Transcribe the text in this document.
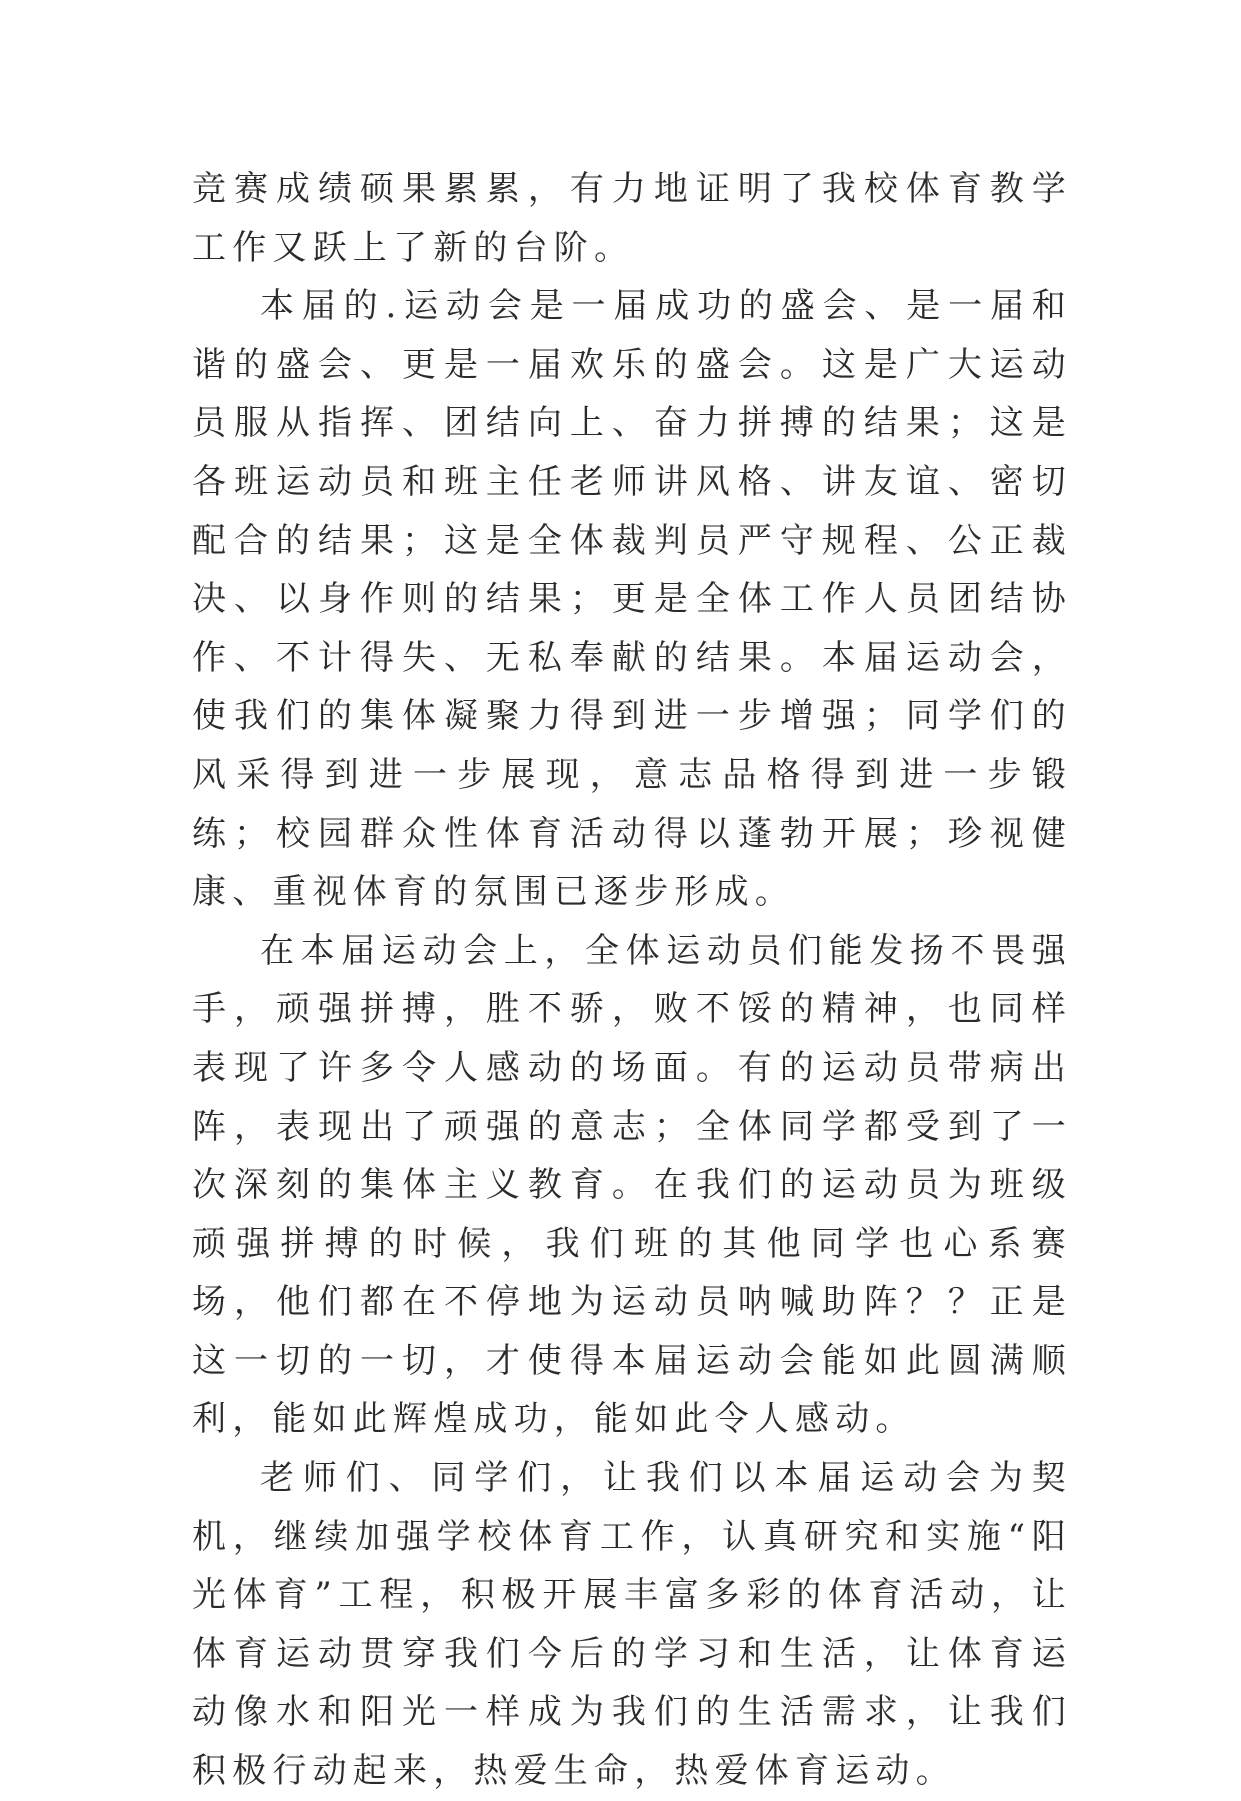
竞赛成绩硕果累累，有力地证明了我校体育教学工作又跃上了新的台阶。

本届的.运动会是一届成功的盛会、是一届和谐的盛会、更是一届欢乐的盛会。这是广大运动员服从指挥、团结向上、奋力拼搏的结果；这是各班运动员和班主任老师讲风格、讲友谊、密切配合的结果；这是全体裁判员严守规程、公正裁决、以身作则的结果；更是全体工作人员团结协作、不计得失、无私奉献的结果。本届运动会，使我们的集体凝聚力得到进一步增强；同学们的风采得到进一步展现，意志品格得到进一步锻练；校园群众性体育活动得以蓬勃开展；珍视健康、重视体育的氛围已逐步形成。

在本届运动会上，全体运动员们能发扬不畏强手，顽强拼搏，胜不骄，败不馁的精神，也同样表现了许多令人感动的场面。有的运动员带病出阵，表现出了顽强的意志；全体同学都受到了一次深刻的集体主义教育。在我们的运动员为班级顽强拼搏的时候，我们班的其他同学也心系赛场，他们都在不停地为运动员呐喊助阵？？正是这一切的一切，才使得本届运动会能如此圆满顺利，能如此辉煌成功，能如此令人感动。

老师们、同学们，让我们以本届运动会为契机，继续加强学校体育工作，认真研究和实施“阳光体育”工程，积极开展丰富多彩的体育活动，让体育运动贯穿我们今后的学习和生活，让体育运动像水和阳光一样成为我们的生活需求，让我们积极行动起来，热爱生命，热爱体育运动。
